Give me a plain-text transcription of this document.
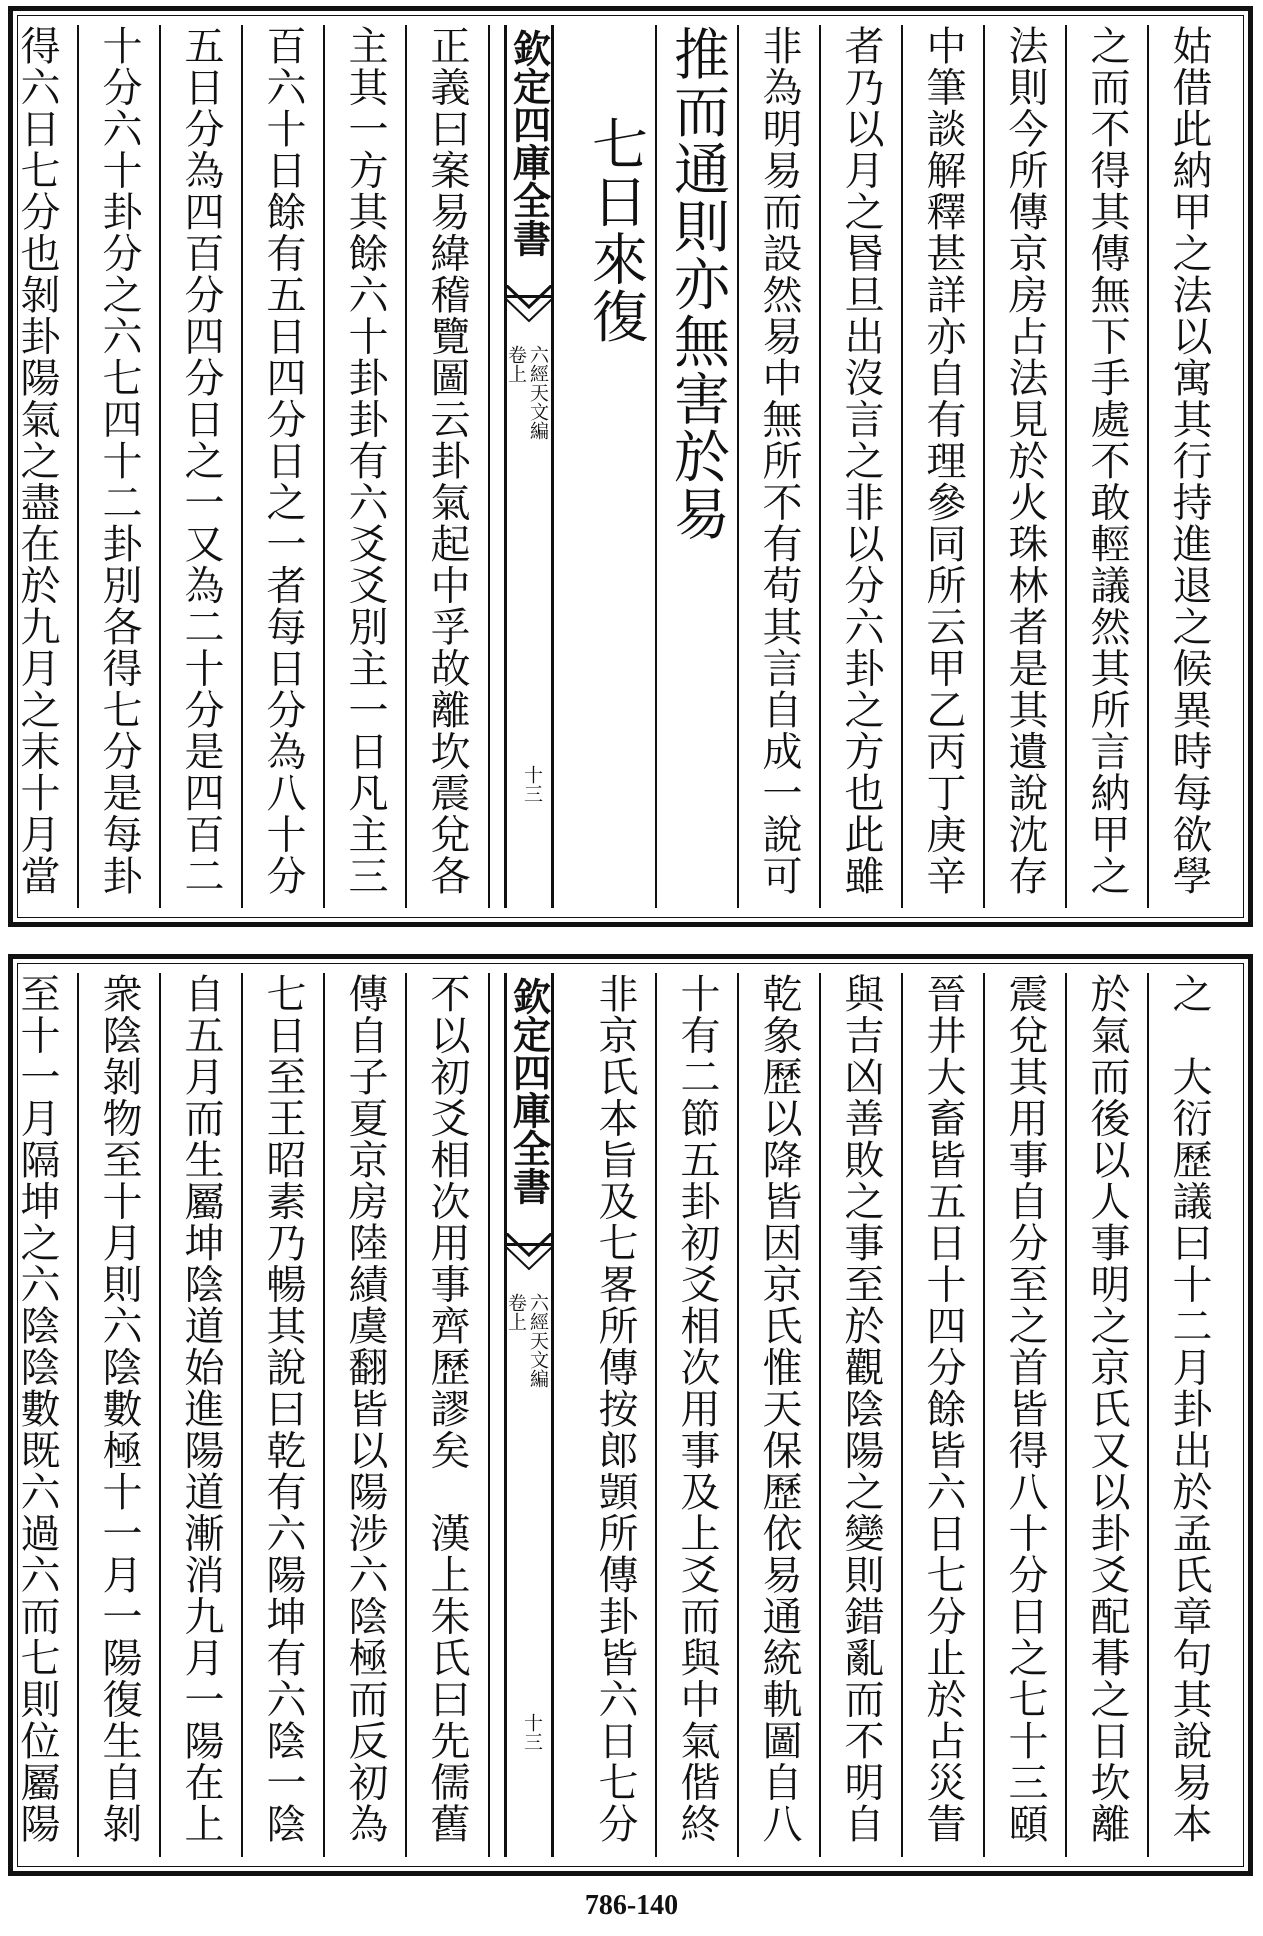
姑借此納甲之法以寓其行持進退之候異時每欲學
之而不得其傳無下手處不敢輕議然其所言納甲之
法則今所傳京房占法見於火珠林者是其遺說沈存
中筆談解釋甚詳亦自有理參同所云甲乙丙丁庚辛
者乃以月之昬旦出沒言之非以分六卦之方也此雖
非為明易而設然易中無所不有苟其言自成一說可
推而通則亦無害於易
七日來復
欽定四庫全書
六經天文編
卷上
十三
正義曰案易緯稽覽圖云卦氣起中孚故離坎震兌各
主其一方其餘六十卦卦有六爻爻別主一日凡主三
百六十日餘有五日四分日之一者每日分為八十分
五日分為四百分四分日之一又為二十分是四百二
十分六十卦分之六七四十二卦別各得七分是每卦
得六日七分也剝卦陽氣之盡在於九月之末十月當
之　大衍歷議曰十二月卦出於孟氏章句其說易本
於氣而後以人事明之京氏又以卦爻配朞之日坎離
震兌其用事自分至之首皆得八十分日之七十三頤
晉井大畜皆五日十四分餘皆六日七分止於占災眚
與吉凶善敗之事至於觀陰陽之變則錯亂而不明自
乾象歷以降皆因京氏惟天保歷依易通統軌圖自八
十有二節五卦初爻相次用事及上爻而與中氣偕終
非京氏本旨及七畧所傳按郎顗所傳卦皆六日七分
欽定四庫全書
六經天文編
卷上
十三
不以初爻相次用事齊歷謬矣　漢上朱氏曰先儒舊
傳自子夏京房陸績虞翻皆以陽涉六陰極而反初為
七日至王昭素乃暢其說曰乾有六陽坤有六陰一陰
自五月而生屬坤陰道始進陽道漸消九月一陽在上
衆陰剝物至十月則六陰數極十一月一陽復生自剝
至十一月隔坤之六陰陰數既六過六而七則位屬陽
786-140
